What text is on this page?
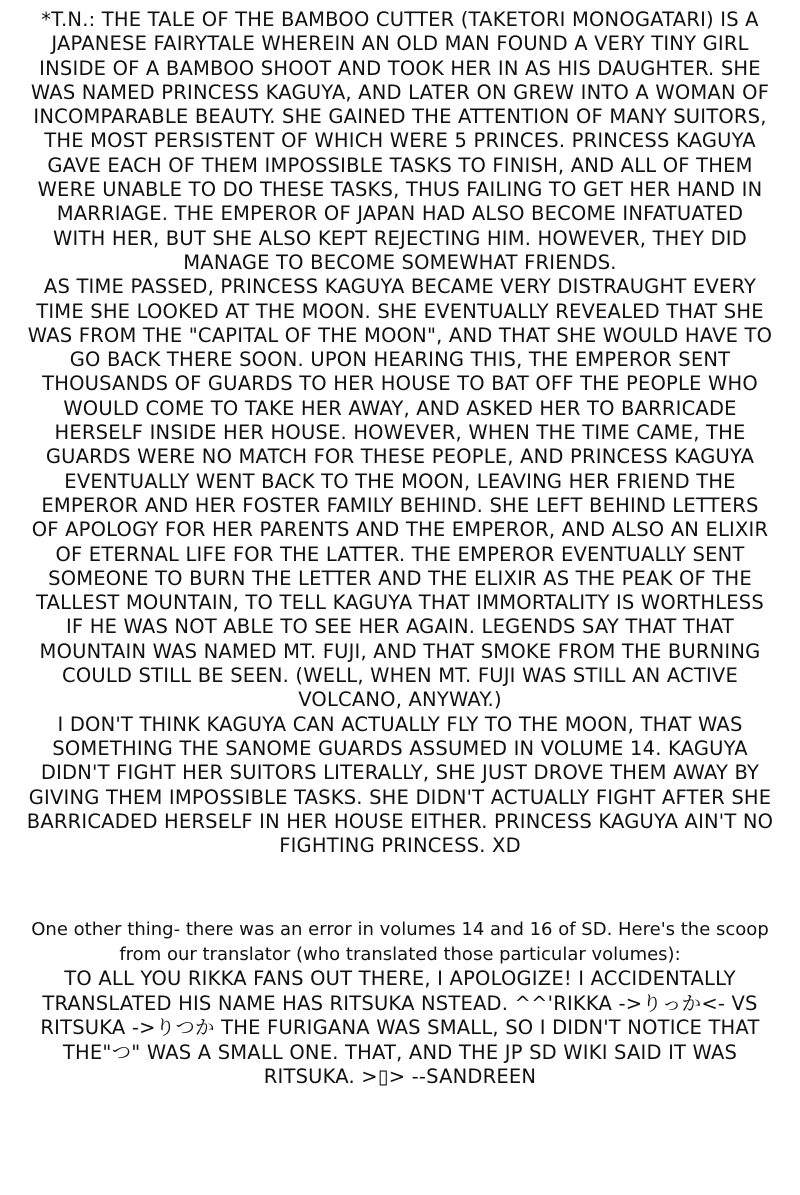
*T.N.: THE TALE OF THE BAMBOO CUTTER (TAKETORI MONOGATARI) IS A
JAPANESE FAIRYTALE WHEREIN AN OLD MAN FOUND A VERY TINY GIRL
INSIDE OF A BAMBOO SHOOT AND TOOK HER IN AS HIS DAUGHTER. SHE
WAS NAMED PRINCESS KAGUYA, AND LATER ON GREW INTO A WOMAN OF
INCOMPARABLE BEAUTY. SHE GAINED THE ATTENTION OF MANY SUITORS,
THE MOST PERSISTENT OF WHICH WERE 5 PRINCES. PRINCESS KAGUYA
GAVE EACH OF THEM IMPOSSIBLE TASKS TO FINISH, AND ALL OF THEM
WERE UNABLE TO DO THESE TASKS, THUS FAILING TO GET HER HAND IN
MARRIAGE. THE EMPEROR OF JAPAN HAD ALSO BECOME INFATUATED
WITH HER, BUT SHE ALSO KEPT REJECTING HIM. HOWEVER, THEY DID
MANAGE TO BECOME SOMEWHAT FRIENDS.
AS TIME PASSED, PRINCESS KAGUYA BECAME VERY DISTRAUGHT EVERY
TIME SHE LOOKED AT THE MOON. SHE EVENTUALLY REVEALED THAT SHE
WAS FROM THE "CAPITAL OF THE MOON", AND THAT SHE WOULD HAVE TO
GO BACK THERE SOON. UPON HEARING THIS, THE EMPEROR SENT
THOUSANDS OF GUARDS TO HER HOUSE TO BAT OFF THE PEOPLE WHO
WOULD COME TO TAKE HER AWAY, AND ASKED HER TO BARRICADE
HERSELF INSIDE HER HOUSE. HOWEVER, WHEN THE TIME CAME, THE
GUARDS WERE NO MATCH FOR THESE PEOPLE, AND PRINCESS KAGUYA
EVENTUALLY WENT BACK TO THE MOON, LEAVING HER FRIEND THE
EMPEROR AND HER FOSTER FAMILY BEHIND. SHE LEFT BEHIND LETTERS
OF APOLOGY FOR HER PARENTS AND THE EMPEROR, AND ALSO AN ELIXIR
OF ETERNAL LIFE FOR THE LATTER. THE EMPEROR EVENTUALLY SENT
SOMEONE TO BURN THE LETTER AND THE ELIXIR AS THE PEAK OF THE
TALLEST MOUNTAIN, TO TELL KAGUYA THAT IMMORTALITY IS WORTHLESS
IF HE WAS NOT ABLE TO SEE HER AGAIN. LEGENDS SAY THAT THAT
MOUNTAIN WAS NAMED MT. FUJI, AND THAT SMOKE FROM THE BURNING
COULD STILL BE SEEN. (WELL, WHEN MT. FUJI WAS STILL AN ACTIVE
VOLCANO, ANYWAY.)
I DON'T THINK KAGUYA CAN ACTUALLY FLY TO THE MOON, THAT WAS
SOMETHING THE SANOME GUARDS ASSUMED IN VOLUME 14. KAGUYA
DIDN'T FIGHT HER SUITORS LITERALLY, SHE JUST DROVE THEM AWAY BY
GIVING THEM IMPOSSIBLE TASKS. SHE DIDN'T ACTUALLY FIGHT AFTER SHE
BARRICADED HERSELF IN HER HOUSE EITHER. PRINCESS KAGUYA AIN'T NO
FIGHTING PRINCESS. XD
One other thing- there was an error in volumes 14 and 16 of SD. Here's the scoop
from our translator (who translated those particular volumes):
TO ALL YOU RIKKA FANS OUT THERE, I APOLOGIZE! I ACCIDENTALLY
TRANSLATED HIS NAME HAS RITSUKA NSTEAD. ^^'RIKKA ->りっか<- VS
RITSUKA ->りつか THE FURIGANA WAS SMALL, SO I DIDN'T NOTICE THAT
THE"つ" WAS A SMALL ONE. THAT, AND THE JP SD WIKI SAID IT WAS
RITSUKA. >▯> --SANDREEN
